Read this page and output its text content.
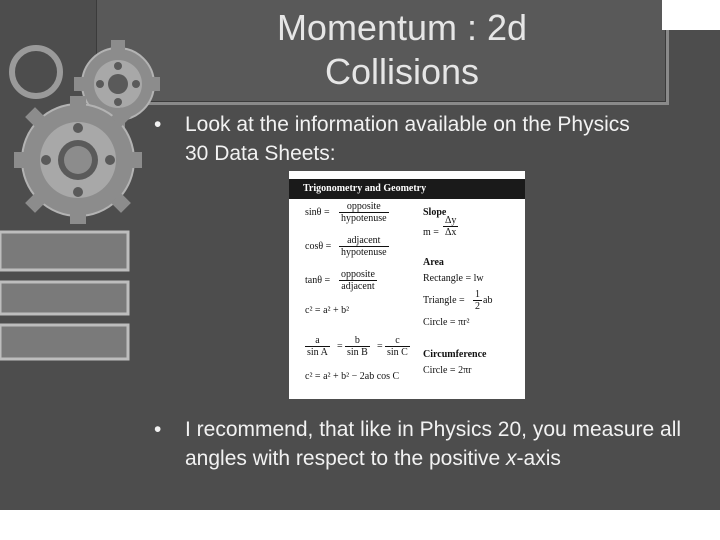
Momentum : 2d
Collisions
• Look at the information available on the Physics 30 Data Sheets:
Trigonometry and Geometry
sinθ =
opposite
hypotenuse
cosθ =
adjacent
hypotenuse
tanθ =
opposite
adjacent
c² = a² + b²
$\frac{a}{\text{sin A}} = \frac{b}{\text{sin B}} = \frac{c}{\text{sin C}}$
c² = a² + b² − 2ab cos C
Slope
$m = \frac{\Delta y}{\Delta x}$
Area
Rectangle = lw
Triangle = $\frac{1}{2}$ ab
Circle = πr²
Circumference
Circle = 2πr
• I recommend, that like in Physics 20, you measure all angles with respect to the positive x-axis
